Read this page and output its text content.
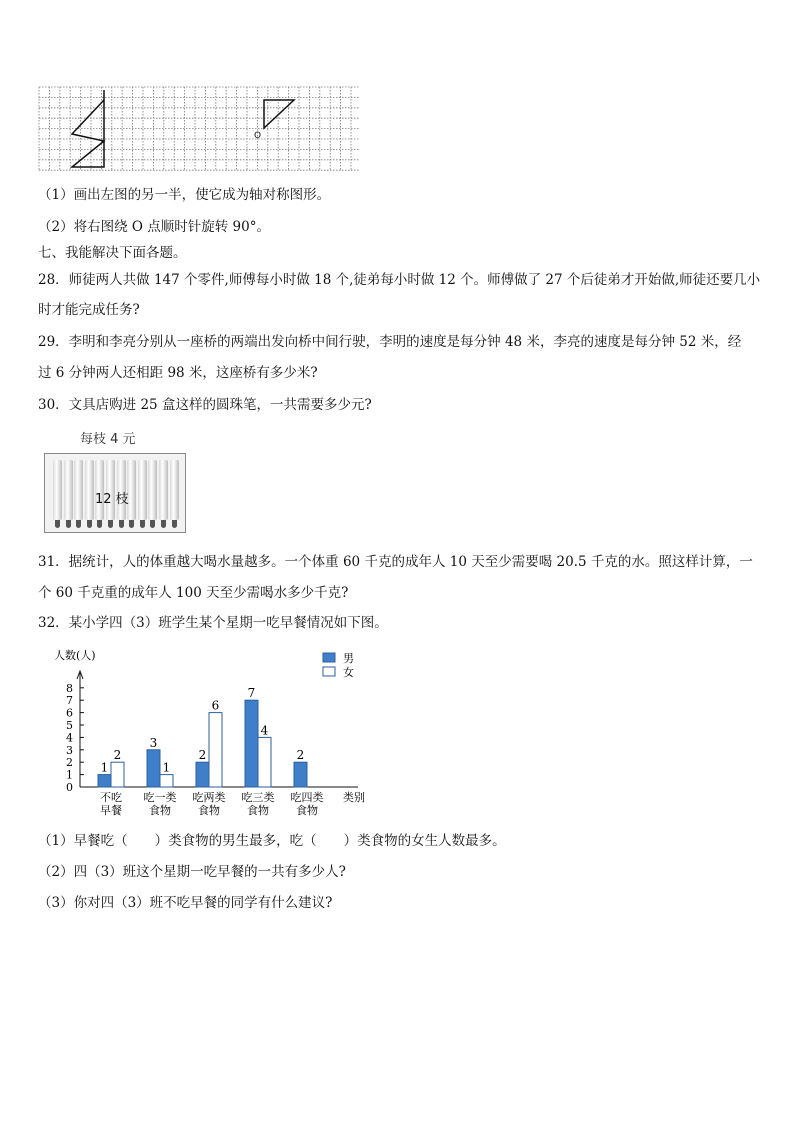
O
（1）画出左图的另一半，使它成为轴对称图形。
（2）将右图绕 O 点顺时针旋转 90°。
七、我能解决下面各题。
28．师徒两人共做 147 个零件,师傅每小时做 18 个,徒弟每小时做 12 个。师傅做了 27 个后徒弟才开始做,师徒还要几小
时才能完成任务?
29．李明和李亮分别从一座桥的两端出发向桥中间行驶，李明的速度是每分钟 48 米，李亮的速度是每分钟 52 米，经
过 6 分钟两人还相距 98 米，这座桥有多少米?
30．文具店购进 25 盒这样的圆珠笔，一共需要多少元?
每枝 4 元
12 枝
31．据统计，人的体重越大喝水量越多。一个体重 60 千克的成年人 10 天至少需要喝 20.5 千克的水。照这样计算，一
个 60 千克重的成年人 100 天至少需喝水多少千克?
32．某小学四（3）班学生某个星期一吃早餐情况如下图。
人数(人)
0
1
2
3
4
5
6
7
8
1
2
不吃
早餐
3
1
吃一类
食物
2
6
吃两类
食物
7
4
吃三类
食物
2
吃四类
食物
类别
男
女
（1）早餐吃（　　）类食物的男生最多，吃（　　）类食物的女生人数最多。
（2）四（3）班这个星期一吃早餐的一共有多少人?
（3）你对四（3）班不吃早餐的同学有什么建议?
